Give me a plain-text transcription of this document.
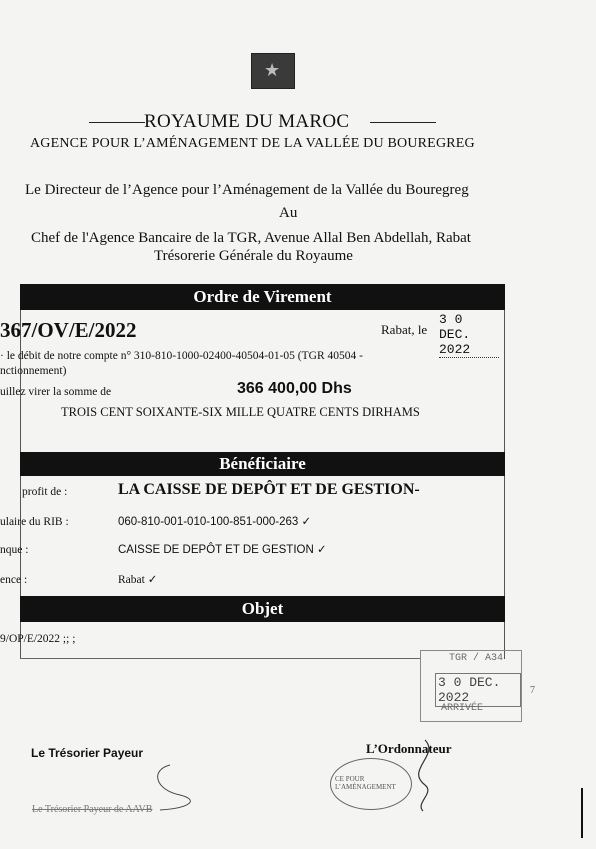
★
ROYAUME DU MAROC
AGENCE POUR L’AMÉNAGEMENT DE LA VALLÉE DU BOUREGREG
Le Directeur de l’Agence pour l’Aménagement de la Vallée du Bouregreg
Au
Chef de l'Agence Bancaire de la TGR, Avenue Allal Ben Abdellah, Rabat
Trésorerie Générale du Royaume
Ordre de Virement
367/OV/E/2022	Rabat, le
3 0 DEC. 2022
· le débit de notre compte n° 310-810-1000-02400-40504-01-05 (TGR 40504 -
nctionnement)
uillez virer la somme de	366 400,00 Dhs
TROIS CENT SOIXANTE-SIX MILLE QUATRE CENTS DIRHAMS
Bénéficiaire
profit de :	LA CAISSE DE DEPÔT ET DE GESTION-
ulaire du RIB :	060-810-001-010-100-851-000-263 ✓
nque :	CAISSE DE DEPÔT ET DE GESTION ✓
ence :	Rabat ✓
Objet
9/OP/E/2022 ;; ;
TGR / A34
3 0 DEC. 2022
ARRIVÉE
7
Le Trésorier Payeur
Le Trésorier Payeur de AAVB
L’Ordonnateur
CE POUR L’AMÉNAGEMENT
